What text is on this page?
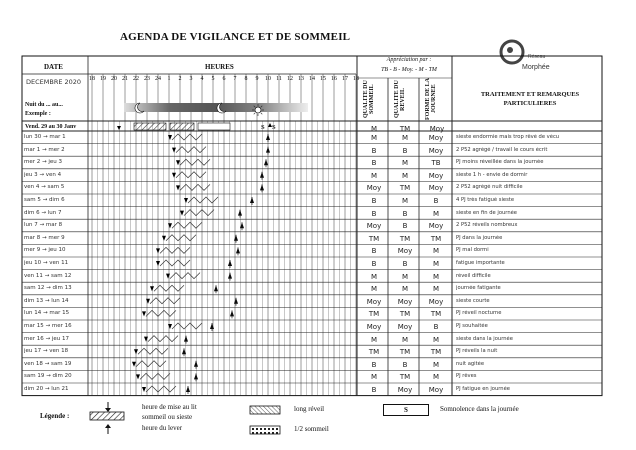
AGENDA DE VIGILANCE ET DE SOMMEIL
Réseau
Morphée
DATE	HEURES
Appréciation par :
TB - B - Moy. - M - TM
QUALITE DU SOMMEIL	QUALITE DU REVEIL	FORME DE LA JOURNEE	TRAITEMENT ET REMARQUES PARTICULIERES
DECEMBRE 2020
Nuit du ... au...
Exemple :
18 19 20 21 22 23 24	1	2	3	4	5	6	7	8	9	10 11 12 13 14 15 16 17 18
lun 30 → mar 1	M	M	Moy	sieste endormie mais trop rêvé de vécu
mar 1 → mer 2	B	B	Moy	2 P52 agrégé / travail le cours écrit
mer 2 → jeu 3	B	M	TB	PJ moins réveillée dans la journée
jeu 3 → ven 4	M	M	Moy	sieste 1 h - envie de dormir
ven 4 → sam 5	Moy	TM	Moy	2 P52 agrégé nuit difficile
sam 5 → dim 6	B	M	B	4 PJ très fatigué sieste
dim 6 → lun 7	B	B	M	sieste en fin de journée
lun 7 → mar 8	Moy	B	Moy	2 P52 réveils nombreux
mar 8 → mer 9	TM	TM	TM	PJ dans la journée
mer 9 → jeu 10	B	Moy	M	PJ mal dormi
jeu 10 → ven 11	B	B	M	fatigue importante
ven 11 → sam 12	M	M	M	réveil difficile
sam 12 → dim 13	M	M	M	journée fatigante
dim 13 → lun 14	Moy	Moy	Moy	sieste courte
lun 14 → mar 15	TM	TM	TM	PJ réveil nocturne
mar 15 → mer 16	Moy	Moy	B	PJ souhaitée
mer 16 → jeu 17	M	M	M	sieste dans la journée
jeu 17 → ven 18	TM	TM	TM	PJ réveils la nuit
ven 18 → sam 19	B	B	M	nuit agitée
sam 19 → dim 20	M	TM	M	PJ rêves
dim 20 → lun 21	B	Moy	Moy	PJ fatigue en journée
Vend. 29 au 30 Janv	M	TM	Moy
S S
Légende :
heure de mise au lit
sommeil ou sieste
heure du lever
long réveil
1/2 sommeil
S	Somnolence dans la journée
